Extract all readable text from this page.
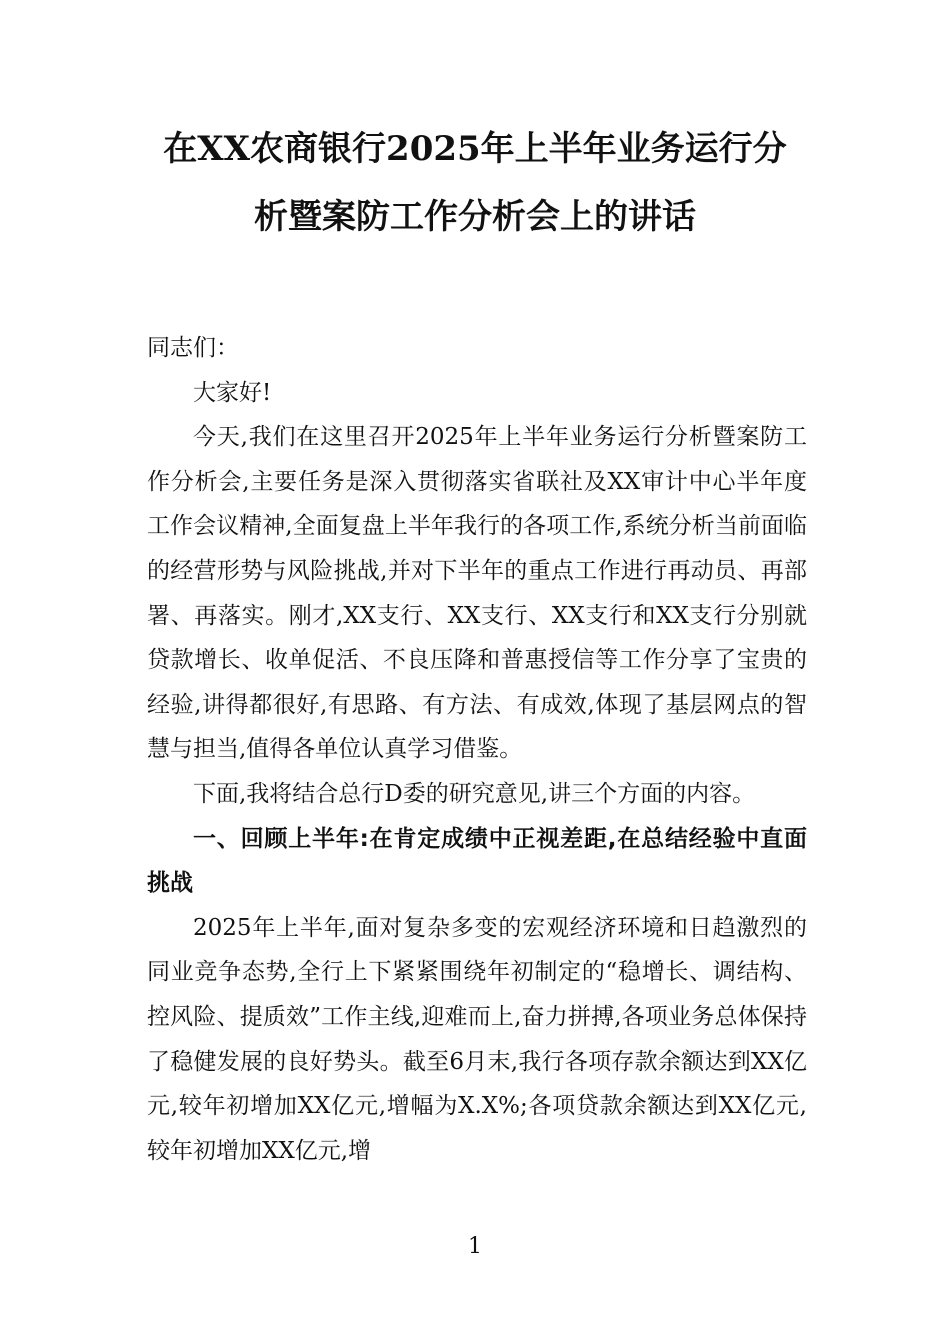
在XX农商银行2025年上半年业务运行分
析暨案防工作分析会上的讲话

同志们：

大家好!

今天,我们在这里召开2025年上半年业务运行分析暨案防工作分析会,主要任务是深入贯彻落实省联社及XX审计中心半年度工作会议精神,全面复盘上半年我行的各项工作,系统分析当前面临的经营形势与风险挑战,并对下半年的重点工作进行再动员、再部署、再落实。刚才,XX支行、XX支行、XX支行和XX支行分别就贷款增长、收单促活、不良压降和普惠授信等工作分享了宝贵的经验,讲得都很好,有思路、有方法、有成效,体现了基层网点的智慧与担当,值得各单位认真学习借鉴。

下面,我将结合总行D委的研究意见,讲三个方面的内容。

一、回顾上半年:在肯定成绩中正视差距,在总结经验中直面挑战

2025年上半年,面对复杂多变的宏观经济环境和日趋激烈的同业竞争态势,全行上下紧紧围绕年初制定的“稳增长、调结构、控风险、提质效”工作主线,迎难而上,奋力拼搏,各项业务总体保持了稳健发展的良好势头。截至6月末,我行各项存款余额达到XX亿元,较年初增加XX亿元,增幅为X.X%;各项贷款余额达到XX亿元,较年初增加XX亿元,增

1
